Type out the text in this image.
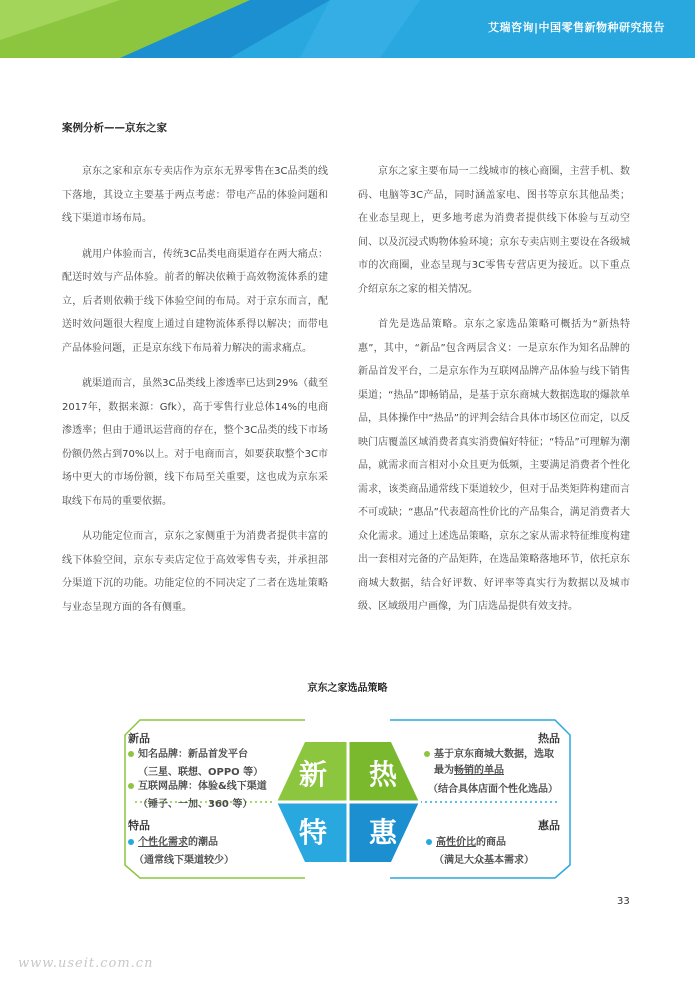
艾瑞咨询|中国零售新物种研究报告
案例分析——京东之家

京东之家和京东专卖店作为京东无界零售在3C品类的线下落地，其设立主要基于两点考虑：带电产品的体验问题和线下渠道市场布局。

就用户体验而言，传统3C品类电商渠道存在两大痛点：配送时效与产品体验。前者的解决依赖于高效物流体系的建立，后者则依赖于线下体验空间的布局。对于京东而言，配送时效问题很大程度上通过自建物流体系得以解决；而带电产品体验问题，正是京东线下布局着力解决的需求痛点。

就渠道而言，虽然3C品类线上渗透率已达到29%（截至2017年，数据来源：Gfk），高于零售行业总体14%的电商渗透率；但由于通讯运营商的存在，整个3C品类的线下市场份额仍然占到70%以上。对于电商而言，如要获取整个3C市场中更大的市场份额，线下布局至关重要，这也成为京东采取线下布局的重要依据。

从功能定位而言，京东之家侧重于为消费者提供丰富的线下体验空间，京东专卖店定位于高效零售专卖，并承担部分渠道下沉的功能。功能定位的不同决定了二者在选址策略与业态呈现方面的各有侧重。

京东之家主要布局一二线城市的核心商圈，主营手机、数码、电脑等3C产品，同时涵盖家电、图书等京东其他品类；在业态呈现上，更多地考虑为消费者提供线下体验与互动空间、以及沉浸式购物体验环境；京东专卖店则主要设在各级城市的次商圈，业态呈现与3C零售专营店更为接近。以下重点介绍京东之家的相关情况。

首先是选品策略。京东之家选品策略可概括为“新热特惠”，其中，“新品”包含两层含义：一是京东作为知名品牌的新品首发平台，二是京东作为互联网品牌产品体验与线下销售渠道；“热品”即畅销品，是基于京东商城大数据选取的爆款单品，具体操作中“热品”的评判会结合具体市场区位而定，以反映门店覆盖区域消费者真实消费偏好特征；“特品”可理解为潮品，就需求而言相对小众且更为低频，主要满足消费者个性化需求，该类商品通常线下渠道较少，但对于品类矩阵构建而言不可或缺；“惠品”代表超高性价比的产品集合，满足消费者大众化需求。通过上述选品策略，京东之家从需求特征维度构建出一套相对完备的产品矩阵，在选品策略落地环节，依托京东商城大数据，结合好评数、好评率等真实行为数据以及城市级、区域级用户画像，为门店选品提供有效支持。

京东之家选品策略
新 热
特 惠
新品
知名品牌：新品首发平台
（三星、联想、OPPO 等）
互联网品牌：体验&线下渠道
（锤子、一加、360 等）
特品
个性化需求的潮品
（通常线下渠道较少）
热品
基于京东商城大数据，选取
最为畅销的单品
（结合具体店面个性化选品）
惠品
高性价比的商品
（满足大众基本需求）
33
www.useit.com.cn
